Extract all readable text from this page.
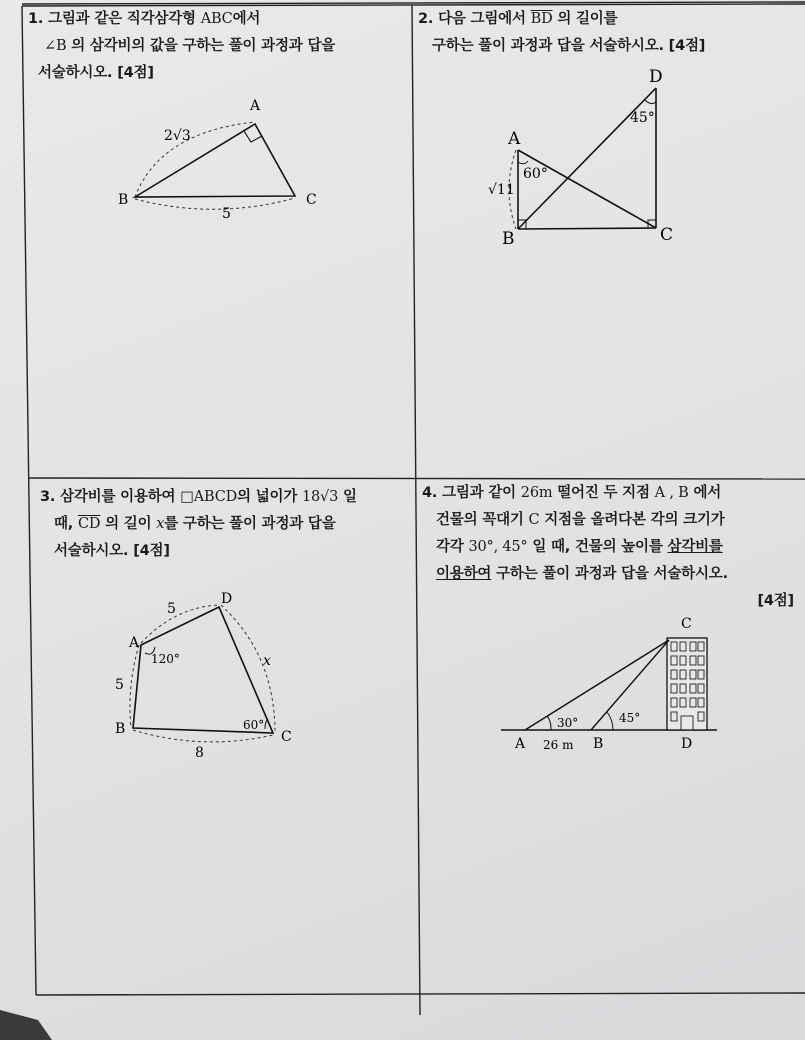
1. 그림과 같은 직각삼각형 ABC에서
∠B 의 삼각비의 값을 구하는 풀이 과정과 답을
서술하시오. [4점]
A
B	C
2√3
5
2. 다음 그림에서 $\overline{BD}$ 의 길이를
구하는 풀이 과정과 답을 서술하시오. [4점]
A
B	C
D
√11
60°
45°
3. 삼각비를 이용하여 □ABCD의 넓이가 18√3 일
때, $\overline{CD}$ 의 길이 x를 구하는 풀이 과정과 답을
서술하시오. [4점]
A
B	C
D
5
5
8
x
120°
60°
4. 그림과 같이 26m 떨어진 두 지점 A , B 에서
건물의 꼭대기 C 지점을 올려다본 각의 크기가
각각 30°, 45° 일 때, 건물의 높이를 삼각비를
이용하여 구하는 풀이 과정과 답을 서술하시오.
[4점]
A	B
C
D
30°	45°
26 m
